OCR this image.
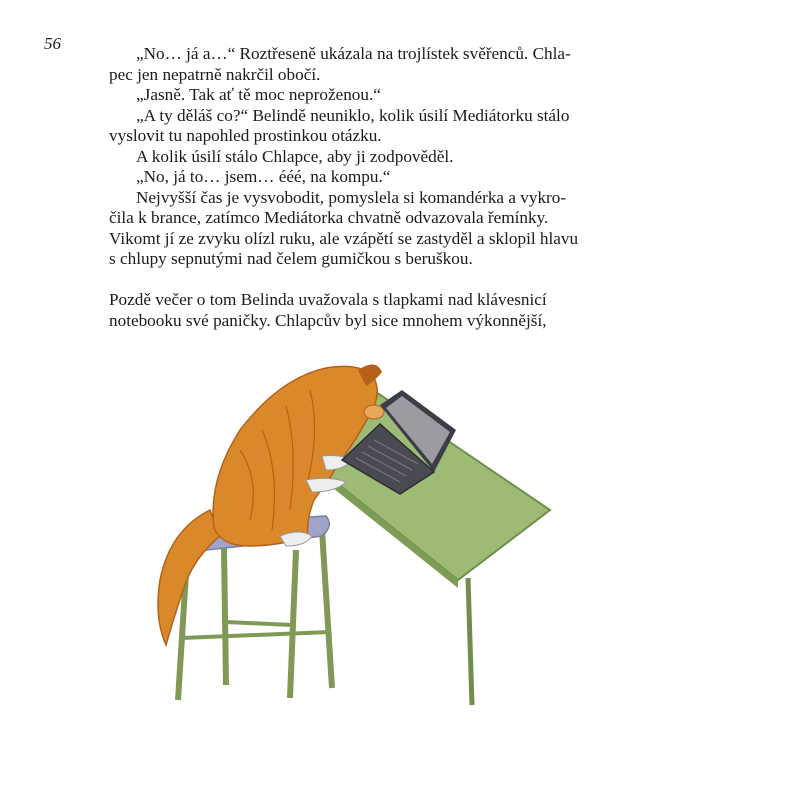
56

„No… já a…“ Roztřeseně ukázala na trojlístek svěřenců. Chla-

pec jen nepatrně nakrčil obočí.

„Jasně. Tak ať tě moc neproženou.“

„A ty děláš co?“ Belindě neuniklo, kolik úsilí Mediátorku stálo

vyslovit tu napohled prostinkou otázku.

A kolik úsilí stálo Chlapce, aby ji zodpověděl.

„No, já to… jsem… ééé, na kompu.“

Nejvyšší čas je vysvobodit, pomyslela si komandérka a vykro-

čila k brance, zatímco Mediátorka chvatně odvazovala řemínky.

Vikomt jí ze zvyku olízl ruku, ale vzápětí se zastyděl a sklopil hlavu

s chlupy sepnutými nad čelem gumičkou s beruškou.

Pozdě večer o tom Belinda uvažovala s tlapkami nad klávesnicí

notebooku své paničky. Chlapcův byl sice mnohem výkonnější,
